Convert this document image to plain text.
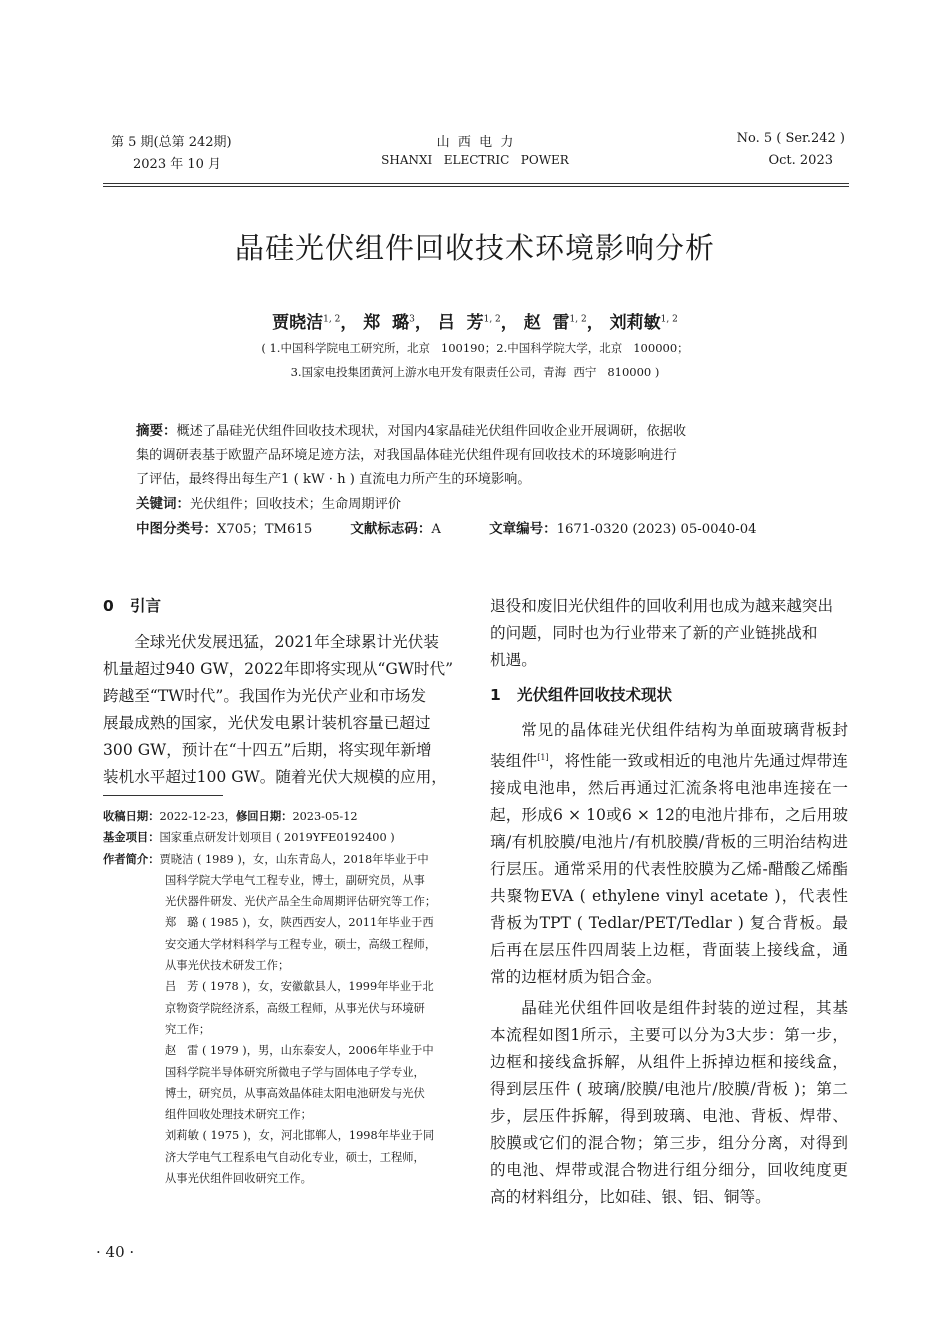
第 5 期(总第 242期)
2023 年 10 月
山  西  电  力
SHANXI   ELECTRIC   POWER
No. 5 ( Ser.242 )
Oct. 2023
晶硅光伏组件回收技术环境影响分析
贾晓洁$^{1, 2}$， 郑  璐$^3$， 吕  芳$^{1, 2}$， 赵  雷$^{1, 2}$， 刘莉敏$^{1, 2}$
( 1.中国科学院电工研究所，北京   100190；2.中国科学院大学，北京   100000；
3.国家电投集团黄河上游水电开发有限责任公司，青海  西宁   810000 )
摘要：概述了晶硅光伏组件回收技术现状，对国内4家晶硅光伏组件回收企业开展调研，依据收
集的调研表基于欧盟产品环境足迹方法，对我国晶体硅光伏组件现有回收技术的环境影响进行
了评估，最终得出每生产1 ( kW · h ) 直流电力所产生的环境影响。
关键词：光伏组件；回收技术；生命周期评价
中图分类号：X705；TM615	文献标志码：A	文章编号：1671-0320 (2023) 05-0040-04
0   引言
全球光伏发展迅猛，2021年全球累计光伏装
机量超过940 GW，2022年即将实现从“GW时代”
跨越至“TW时代”。我国作为光伏产业和市场发
展最成熟的国家，光伏发电累计装机容量已超过
300 GW，预计在“十四五”后期，将实现年新增
装机水平超过100 GW。随着光伏大规模的应用，
收稿日期：2022-12-23，修回日期：2023-05-12
基金项目：国家重点研发计划项目 ( 2019YFE0192400 )
作者简介：贾晓洁 ( 1989 )，女，山东青岛人，2018年毕业于中
国科学院大学电气工程专业，博士，副研究员，从事
光伏器件研发、光伏产品全生命周期评估研究等工作；
郑   璐 ( 1985 )，女，陕西西安人，2011年毕业于西
安交通大学材料科学与工程专业，硕士，高级工程师，
从事光伏技术研发工作；
吕   芳 ( 1978 )，女，安徽歙县人，1999年毕业于北
京物资学院经济系，高级工程师，从事光伏与环境研
究工作；
赵   雷 ( 1979 )，男，山东泰安人，2006年毕业于中
国科学院半导体研究所微电子学与固体电子学专业，
博士，研究员，从事高效晶体硅太阳电池研发与光伏
组件回收处理技术研究工作；
刘莉敏 ( 1975 )，女，河北邯郸人，1998年毕业于同
济大学电气工程系电气自动化专业，硕士，工程师，
从事光伏组件回收研究工作。
退役和废旧光伏组件的回收利用也成为越来越突出
的问题，同时也为行业带来了新的产业链挑战和
机遇。
1   光伏组件回收技术现状

常见的晶体硅光伏组件结构为单面玻璃背板封装组件[1]，将性能一致或相近的电池片先通过焊带连接成电池串，然后再通过汇流条将电池串连接在一起，形成6 × 10或6 × 12的电池片排布，之后用玻璃/有机胶膜/电池片/有机胶膜/背板的三明治结构进行层压。通常采用的代表性胶膜为乙烯-醋酸乙烯酯共聚物EVA ( ethylene vinyl acetate )，代表性背板为TPT ( Tedlar/PET/Tedlar ) 复合背板。最后再在层压件四周装上边框，背面装上接线盒，通常的边框材质为铝合金。

晶硅光伏组件回收是组件封装的逆过程，其基本流程如图1所示，主要可以分为3大步：第一步，边框和接线盒拆解，从组件上拆掉边框和接线盒，得到层压件 ( 玻璃/胶膜/电池片/胶膜/背板 )；第二步，层压件拆解，得到玻璃、电池、背板、焊带、胶膜或它们的混合物；第三步，组分分离，对得到的电池、焊带或混合物进行组分细分，回收纯度更高的材料组分，比如硅、银、铝、铜等。

· 40 ·
